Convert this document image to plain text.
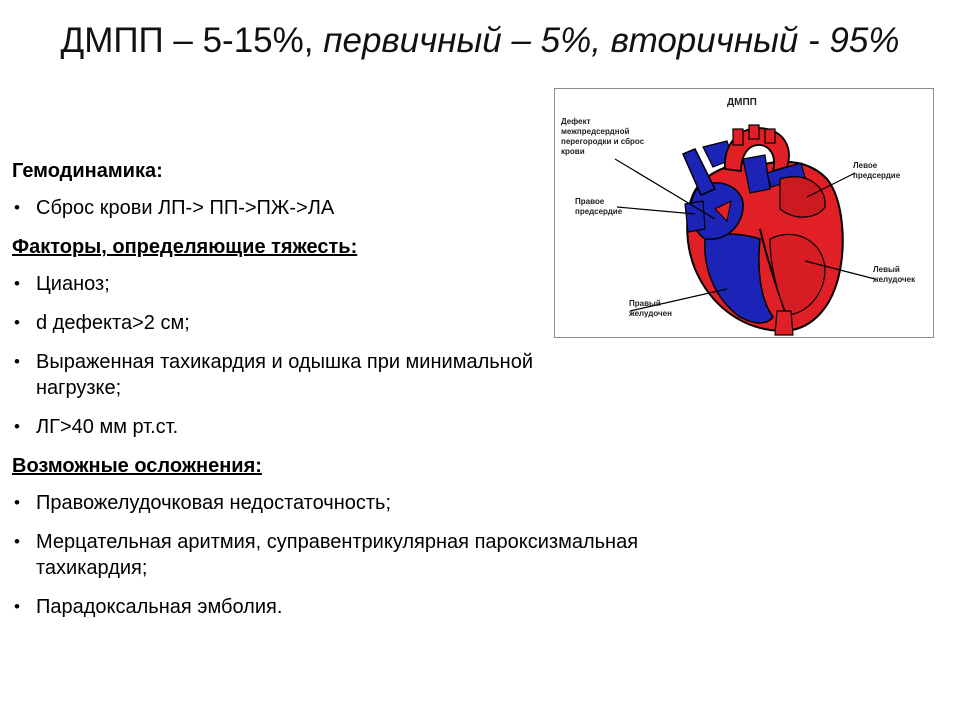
ДМПП – 5-15%, первичный – 5%, вторичный - 95%
Гемодинамика:
• Сброс крови ЛП-> ПП->ПЖ->ЛА
Факторы, определяющие тяжесть:
• Цианоз;
• d дефекта>2 см;
• Выраженная тахикардия и одышка при минимальной нагрузке;
• ЛГ>40 мм рт.ст.
Возможные осложнения:
• Правожелудочковая недостаточность;
• Мерцательная аритмия, суправентрикулярная пароксизмальная тахикардия;
• Парадоксальная эмболия.
ДМПП
Дефект межпредсердной перегородки и сброс крови
Правое предсердие
Левое предсердие
Левый желудочек
Правый желудочен
